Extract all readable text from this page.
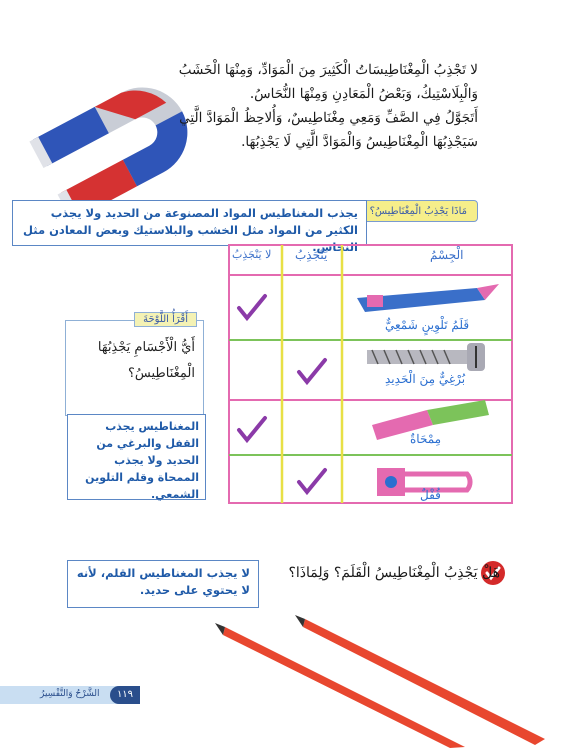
لا تَجْذِبُ الْمِغْنَاطِيسَاتُ الْكَثِيرَ مِنَ الْمَوَادِّ، وَمِنْهَا الْخَشَبُ

وَالْبِلَاسْتِيكُ، وَبَعْضُ الْمَعَادِنِ وَمِنْهَا النُّحَاسُ.

أَتَجَوَّلُ فِي الصَّفِّ وَمَعِي مِغْنَاطِيسٌ، وَأُلاحِظُ الْمَوَادَّ الَّتِي

سَيَجْذِبُهَا الْمِغْنَاطِيسُ وَالْمَوَادَّ الَّتِي لَا يَجْذِبُهَا.

مَاذَا يَجْذِبُ الْمِغْنَاطِيسُ؟
يجذب المغناطيس المواد المصنوعة من الحديد ولا يجذب الكثير من المواد مثل الخشب والبلاستيك وبعض المعادن مثل النحاس.
الْجِسْمُ
يَنْجَذِبُ
لا يَنْجَذِبُ
قَلَمُ تَلْوِينٍ شَمْعِيٌّ
بُرْغِيٌّ مِنَ الْحَدِيدِ
مِمْحَاةٌ
قُفْلٌ
أَقْرَأُ اللَّوْحَةَ
أَيُّ الْأَجْسَامِ يَجْذِبُهَا الْمِغْنَاطِيسُ؟
المغناطيس يجذب القفل والبرغي من الحديد ولا يجذب الممحاة وقلم التلوين الشمعي.
هَلْ يَجْذِبُ الْمِغْنَاطِيسُ الْقَلَمَ؟ وَلِمَاذَا؟
لا يجذب المغناطيس القلم، لأنه لا يحتوي على حديد.
١١٩
الشَّرْحُ وَالتَّفْسِيرُ
